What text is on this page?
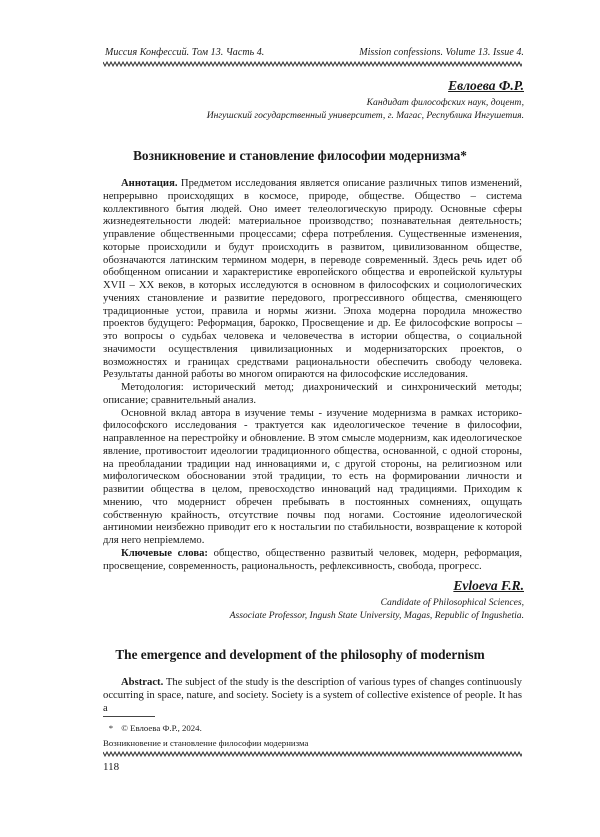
Миссия Конфессий. Том 13. Часть 4.	Mission confessions. Volume 13. Issue 4.
Евлоева Ф.Р.
Кандидат философских наук, доцент,
Ингушский государственный университет, г. Магас, Республика Ингушетия.
Возникновение и становление философии модернизма*

Аннотация. Предметом исследования является описание различных типов изменений, непрерывно происходящих в космосе, природе, обществе. Общество – система коллективного бытия людей. Оно имеет телеологическую природу. Основные сферы жизнедеятельности людей: материальное производство; познавательная деятельность; управление общественными процессами; сфера потребления. Существенные изменения, которые происходили и будут происходить в развитом, цивилизованном обществе, обозначаются латинским термином модерн, в переводе современный. Здесь речь идет об обобщенном описании и характеристике европейского общества и европейской культуры XVII – XX веков, в которых исследуются в основном в философских и социологических учениях становление и развитие передового, прогрессивного общества, сменяющего традиционные устои, правила и нормы жизни. Эпоха модерна породила множество проектов будущего: Реформация, барокко, Просвещение и др. Ее философские вопросы – это вопросы о судьбах человека и человечества в истории общества, о социальной значимости осуществления цивилизационных и модернизаторских проектов, о возможностях и границах средствами рациональности обеспечить свободу человека. Результаты данной работы во многом опираются на философские исследования.

Методология: исторический метод; диахронический и синхронический методы; описание; сравнительный анализ.

Основной вклад автора в изучение темы - изучение модернизма в рамках историко-философского исследования - трактуется как идеологическое течение в философии, направленное на перестройку и обновление. В этом смысле модернизм, как идеологическое явление, противостоит идеологии традиционного общества, основанной, с одной стороны, на преобладании традиции над инновациями и, с другой стороны, на религиозном или мифологическом обосновании этой традиции, то есть на формировании личности и развитии общества в целом, превосходство инноваций над традициями. Приходим к мнению, что модернист обречен пребывать в постоянных сомнениях, ощущать собственную крайность, отсутствие почвы под ногами. Состояние идеологической антиномии неизбежно приводит его к ностальгии по стабильности, возвращение к которой для него непріемлемо.

Ключевые слова: общество, общественно развитый человек, модерн, реформация, просвещение, современность, рациональность, рефлексивность, свобода, прогресс.

Evloeva F.R.
Candidate of Philosophical Sciences,
Associate Professor, Ingush State University, Magas, Republic of Ingushetia.
The emergence and development of the philosophy of modernism

Abstract. The subject of the study is the description of various types of changes continuously occurring in space, nature, and society. Society is a system of collective existence of people. It has a

* © Евлоева Ф.Р., 2024.
Возникновение и становление философии модернизма
118
